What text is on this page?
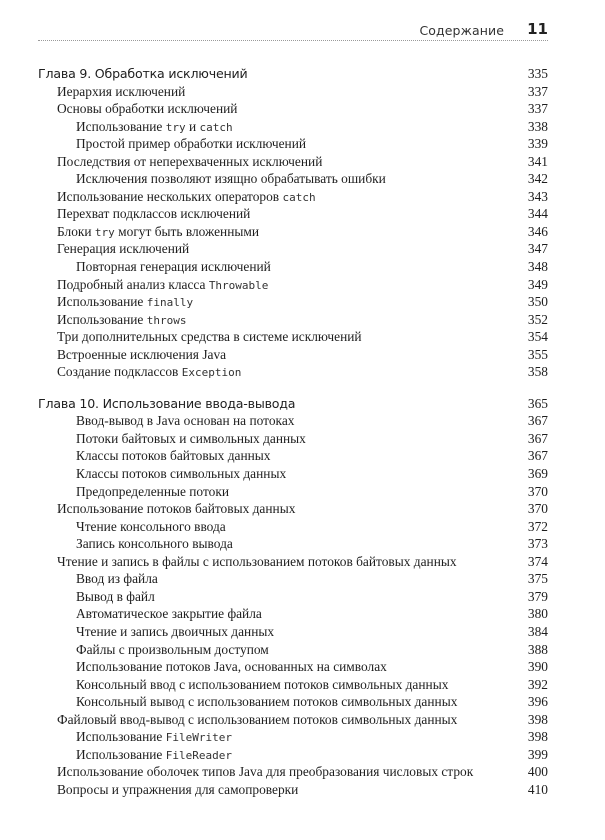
Содержание 11
Глава 9. Обработка исключений	335
Иерархия исключений	337
Основы обработки исключений	337
Использование try и catch	338
Простой пример обработки исключений	339
Последствия от неперехваченных исключений	341
Исключения позволяют изящно обрабатывать ошибки	342
Использование нескольких операторов catch	343
Перехват подклассов исключений	344
Блоки try могут быть вложенными	346
Генерация исключений	347
Повторная генерация исключений	348
Подробный анализ класса Throwable	349
Использование finally	350
Использование throws	352
Три дополнительных средства в системе исключений	354
Встроенные исключения Java	355
Создание подклассов Exception	358
Глава 10. Использование ввода-вывода	365
Ввод-вывод в Java основан на потоках	367
Потоки байтовых и символьных данных	367
Классы потоков байтовых данных	367
Классы потоков символьных данных	369
Предопределенные потоки	370
Использование потоков байтовых данных	370
Чтение консольного ввода	372
Запись консольного вывода	373
Чтение и запись в файлы с использованием потоков байтовых данных	374
Ввод из файла	375
Вывод в файл	379
Автоматическое закрытие файла	380
Чтение и запись двоичных данных	384
Файлы с произвольным доступом	388
Использование потоков Java, основанных на символах	390
Консольный ввод с использованием потоков символьных данных	392
Консольный вывод с использованием потоков символьных данных	396
Файловый ввод-вывод с использованием потоков символьных данных	398
Использование FileWriter	398
Использование FileReader	399
Использование оболочек типов Java для преобразования числовых строк	400
Вопросы и упражнения для самопроверки	410
